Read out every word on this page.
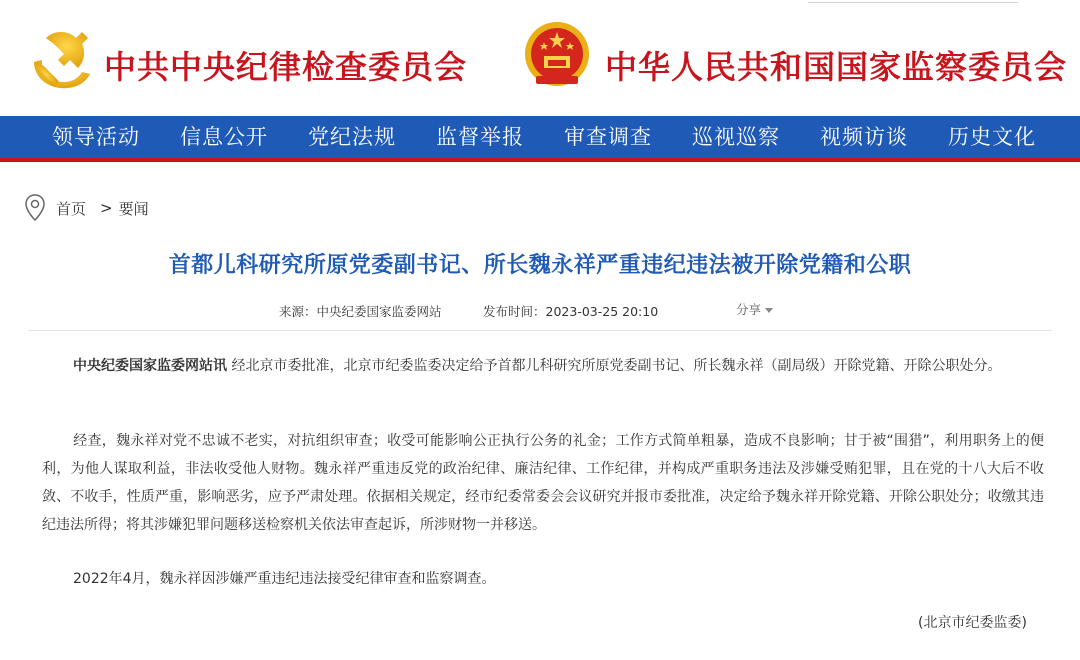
中共中央纪律检查委员会	中华人民共和国国家监察委员会
领导活动 信息公开 党纪法规 监督举报 审查调查 巡视巡察 视频访谈 历史文化
首页 > 要闻
首都儿科研究所原党委副书记、所长魏永祥严重违纪违法被开除党籍和公职
来源：中央纪委国家监委网站	发布时间：2023-03-25 20:10	分享
中央纪委国家监委网站讯 经北京市委批准，北京市纪委监委决定给予首都儿科研究所原党委副书记、所长魏永祥（副局级）开除党籍、开除公职处分。
经查，魏永祥对党不忠诚不老实，对抗组织审查；收受可能影响公正执行公务的礼金；工作方式简单粗暴，造成不良影响；甘于被“围猎”，利用职务上的便利，为他人谋取利益，非法收受他人财物。魏永祥严重违反党的政治纪律、廉洁纪律、工作纪律，并构成严重职务违法及涉嫌受贿犯罪，且在党的十八大后不收敛、不收手，性质严重，影响恶劣，应予严肃处理。依据相关规定，经市纪委常委会会议研究并报市委批准，决定给予魏永祥开除党籍、开除公职处分；收缴其违纪违法所得；将其涉嫌犯罪问题移送检察机关依法审查起诉，所涉财物一并移送。
2022年4月，魏永祥因涉嫌严重违纪违法接受纪律审查和监察调查。
(北京市纪委监委)
